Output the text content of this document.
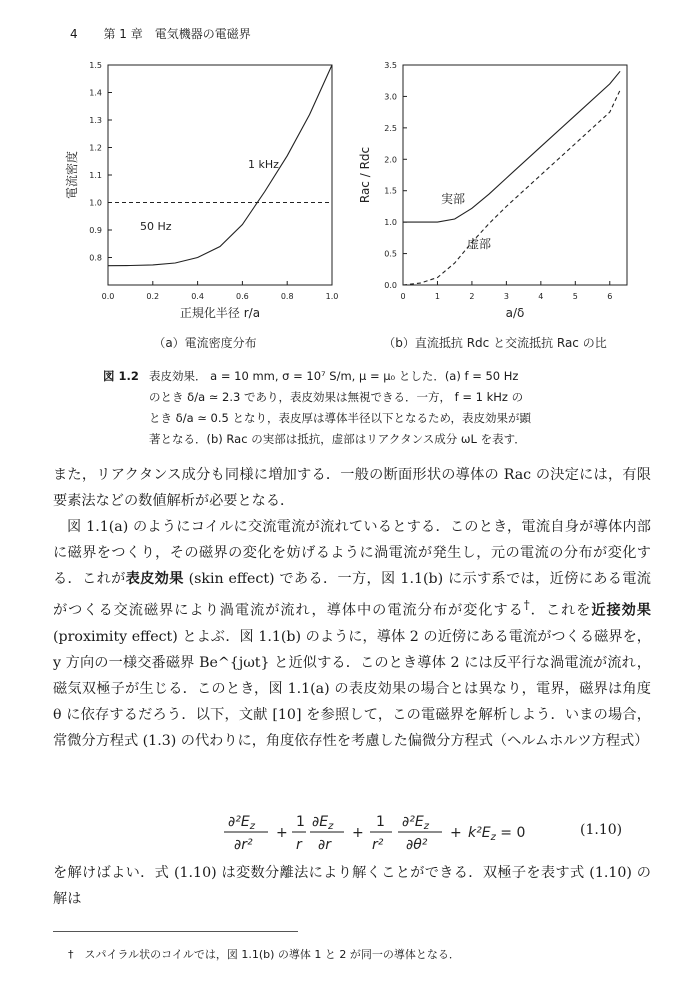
4 第 1 章　電気機器の電磁界
0.0	0.2	0.4	0.6	0.8	1.0
0.8
0.9
1.0
1.1
1.2
1.3
1.4
1.5
電流密度
正規化半径 r/a
1 kHz
50 Hz
（a）電流密度分布
0	1	2	3	4	5	6
0.0
0.5
1.0
1.5
2.0
2.5
3.0
3.5
Rac / Rdc
a/δ
実部
虚部
（b）直流抵抗 Rdc と交流抵抗 Rac の比
図 1.2 表皮効果． a = 10 mm, σ = 10⁷ S/m, μ = μ₀ とした．(a) f = 50 Hz
のとき δ/a ≃ 2.3 であり，表皮効果は無視できる．一方， f = 1 kHz の
とき δ/a ≃ 0.5 となり，表皮厚は導体半径以下となるため，表皮効果が顕
著となる．(b) Rac の実部は抵抗，虚部はリアクタンス成分 ωL を表す．

また，リアクタンス成分も同様に増加する．一般の断面形状の導体の Rac の決定には，有限要素法などの数値解析が必要となる．

図 1.1(a) のようにコイルに交流電流が流れているとする．このとき，電流自身が導体内部に磁界をつくり，その磁界の変化を妨げるように渦電流が発生し，元の電流の分布が変化する．これが表皮効果 (skin effect) である．一方，図 1.1(b) に示す系では，近傍にある電流がつくる交流磁界により渦電流が流れ，導体中の電流分布が変化する†．これを近接効果 (proximity effect) とよぶ．図 1.1(b) のように，導体 2 の近傍にある電流がつくる磁界を，y 方向の一様交番磁界 Be^{jωt} と近似する．このとき導体 2 には反平行な渦電流が流れ，磁気双極子が生じる．このとき，図 1.1(a) の表皮効果の場合とは異なり，電界，磁界は角度 θ に依存するだろう．以下，文献 [10] を参照して，この電磁界を解析しよう．いまの場合，常微分方程式 (1.3) の代わりに，角度依存性を考慮した偏微分方程式（ヘルムホルツ方程式）

$\partial^2E_z$
∂r²
+
1
r
$\partial E_z$
∂r
+
1
r²
$\partial^2E_z$
∂θ²
+ $k^2E_z = 0$	(1.10)

を解けばよい．式 (1.10) は変数分離法により解くことができる．双極子を表す式 (1.10) の解は

†　 スパイラル状のコイルでは，図 1.1(b) の導体 1 と 2 が同一の導体となる．
